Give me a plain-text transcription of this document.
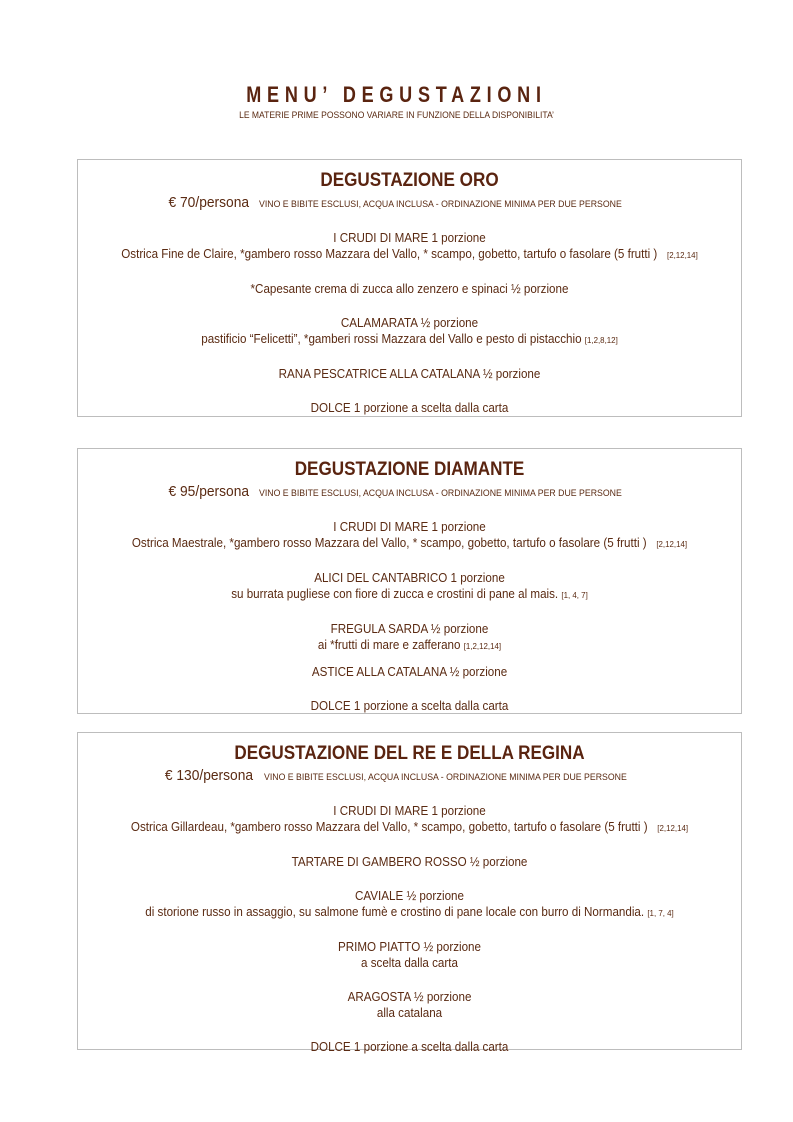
MENU’ DEGUSTAZIONI
LE MATERIE PRIME POSSONO VARIARE IN FUNZIONE DELLA DISPONIBILITA’
DEGUSTAZIONE ORO
€ 70/persona VINO E BIBITE ESCLUSI, ACQUA INCLUSA - ORDINAZIONE MINIMA PER DUE PERSONE
I CRUDI DI MARE 1 porzione
Ostrica Fine de Claire, *gambero rosso Mazzara del Vallo, * scampo, gobetto, tartufo o fasolare (5 frutti ) [2,12,14]
*Capesante crema di zucca allo zenzero e spinaci ½ porzione
CALAMARATA ½ porzione
pastificio “Felicetti”, *gamberi rossi Mazzara del Vallo e pesto di pistacchio [1,2,8,12]
RANA PESCATRICE ALLA CATALANA ½ porzione
DOLCE 1 porzione a scelta dalla carta
DEGUSTAZIONE DIAMANTE
€ 95/persona VINO E BIBITE ESCLUSI, ACQUA INCLUSA - ORDINAZIONE MINIMA PER DUE PERSONE
I CRUDI DI MARE 1 porzione
Ostrica Maestrale, *gambero rosso Mazzara del Vallo, * scampo, gobetto, tartufo o fasolare (5 frutti ) [2,12,14]
ALICI DEL CANTABRICO 1 porzione
su burrata pugliese con fiore di zucca e crostini di pane al mais. [1, 4, 7]
FREGULA SARDA ½ porzione
ai *frutti di mare e zafferano [1,2,12,14]
ASTICE ALLA CATALANA ½ porzione
DOLCE 1 porzione a scelta dalla carta
DEGUSTAZIONE DEL RE E DELLA REGINA
€ 130/persona VINO E BIBITE ESCLUSI, ACQUA INCLUSA - ORDINAZIONE MINIMA PER DUE PERSONE
I CRUDI DI MARE 1 porzione
Ostrica Gillardeau, *gambero rosso Mazzara del Vallo, * scampo, gobetto, tartufo o fasolare (5 frutti ) [2,12,14]
TARTARE DI GAMBERO ROSSO ½ porzione
CAVIALE ½ porzione
di storione russo in assaggio, su salmone fumè e crostino di pane locale con burro di Normandia. [1, 7, 4]
PRIMO PIATTO ½ porzione
a scelta dalla carta
ARAGOSTA ½ porzione
alla catalana
DOLCE 1 porzione a scelta dalla carta
